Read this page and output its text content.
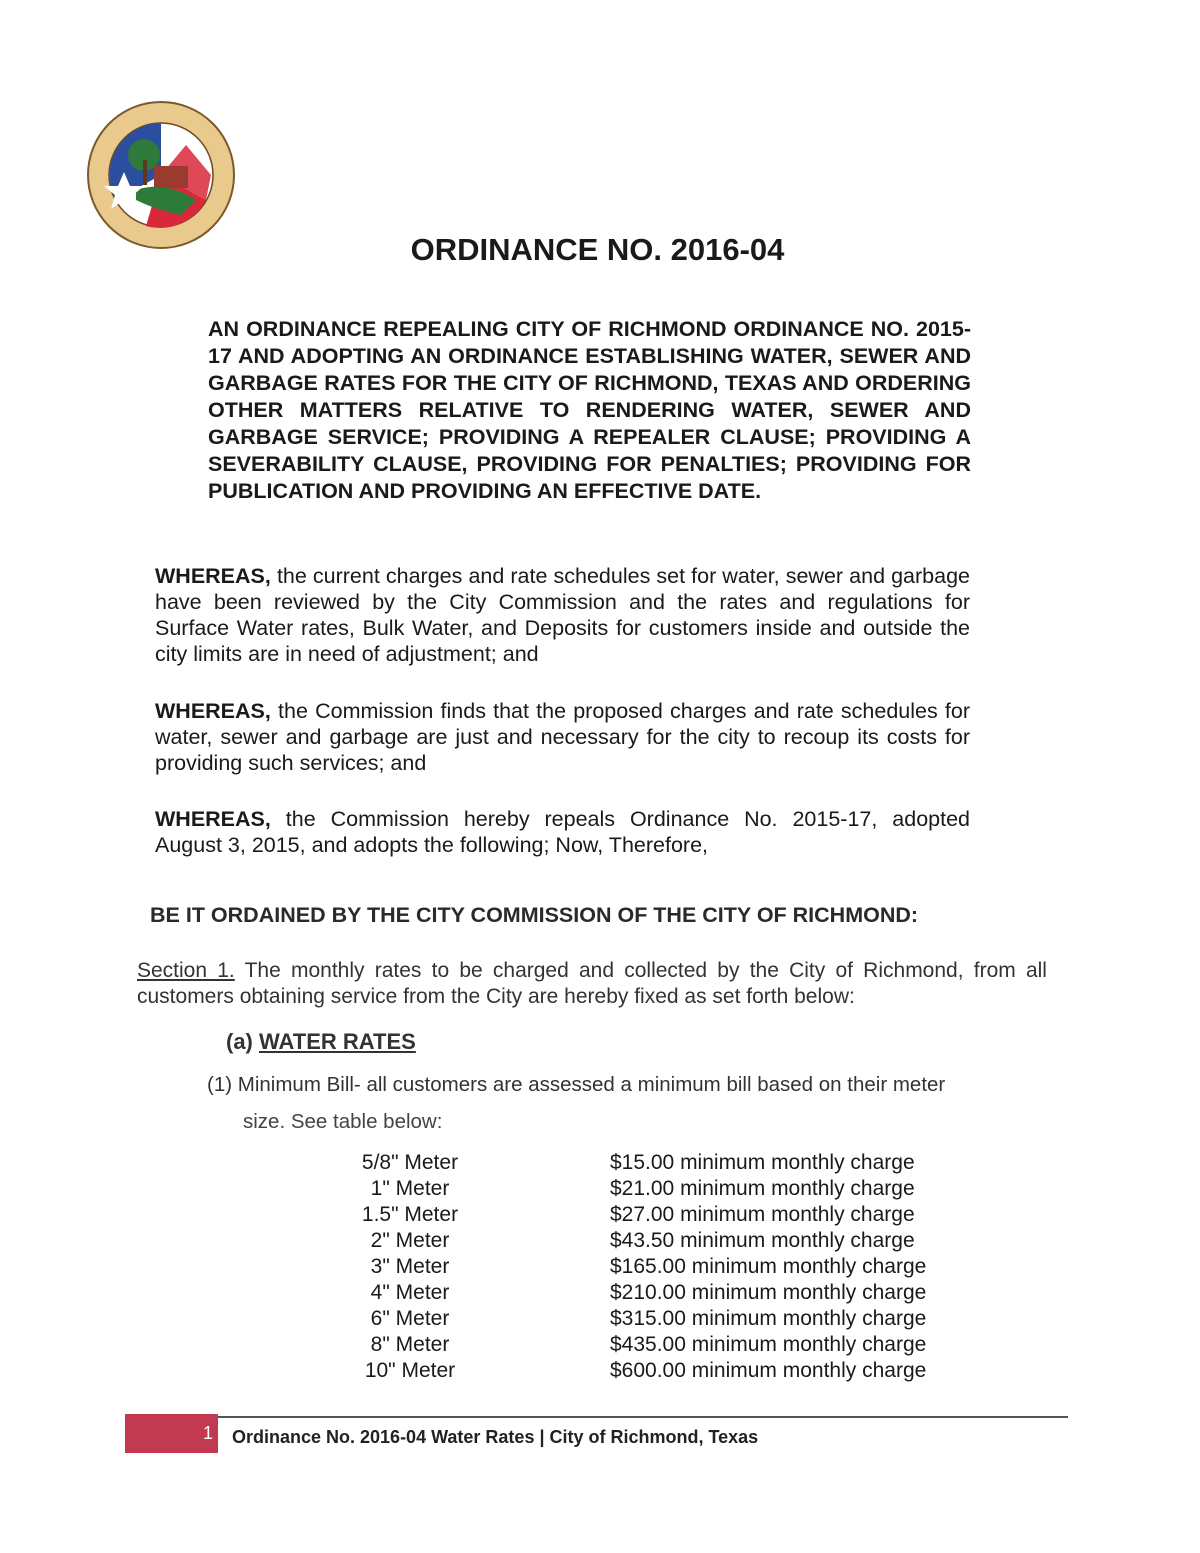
ORDINANCE NO. 2016-04
AN ORDINANCE REPEALING CITY OF RICHMOND ORDINANCE NO. 2015-17 AND ADOPTING AN ORDINANCE ESTABLISHING WATER, SEWER AND GARBAGE RATES FOR THE CITY OF RICHMOND, TEXAS AND ORDERING OTHER MATTERS RELATIVE TO RENDERING WATER, SEWER AND GARBAGE SERVICE; PROVIDING A REPEALER CLAUSE; PROVIDING A SEVERABILITY CLAUSE, PROVIDING FOR PENALTIES; PROVIDING FOR PUBLICATION AND PROVIDING AN EFFECTIVE DATE.
WHEREAS, the current charges and rate schedules set for water, sewer and garbage have been reviewed by the City Commission and the rates and regulations for Surface Water rates, Bulk Water, and Deposits for customers inside and outside the city limits are in need of adjustment; and
WHEREAS, the Commission finds that the proposed charges and rate schedules for water, sewer and garbage are just and necessary for the city to recoup its costs for providing such services; and
WHEREAS, the Commission hereby repeals Ordinance No. 2015-17, adopted August 3, 2015, and adopts the following; Now, Therefore,
BE IT ORDAINED BY THE CITY COMMISSION OF THE CITY OF RICHMOND:
Section 1. The monthly rates to be charged and collected by the City of Richmond, from all customers obtaining service from the City are hereby fixed as set forth below:
(a) WATER RATES
(1) Minimum Bill- all customers are assessed a minimum bill based on their meter
size. See table below:
5/8" Meter	$15.00 minimum monthly charge
1" Meter	$21.00 minimum monthly charge
1.5" Meter	$27.00 minimum monthly charge
2" Meter	$43.50 minimum monthly charge
3" Meter	$165.00 minimum monthly charge
4" Meter	$210.00 minimum monthly charge
6" Meter	$315.00 minimum monthly charge
8" Meter	$435.00 minimum monthly charge
10" Meter	$600.00 minimum monthly charge
1 Ordinance No. 2016-04 Water Rates | City of Richmond, Texas
